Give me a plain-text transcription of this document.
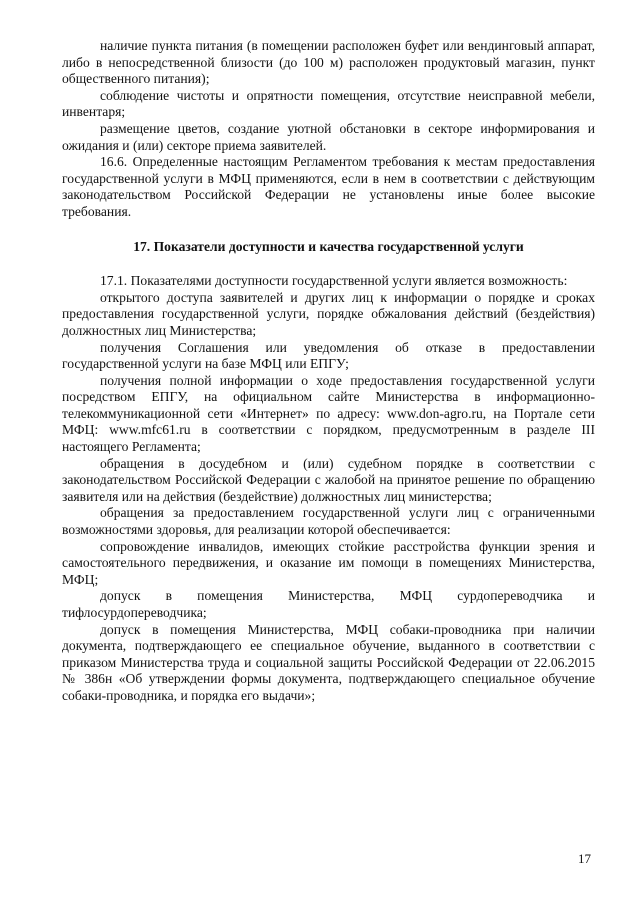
наличие пункта питания (в помещении расположен буфет или вендинговый аппарат, либо в непосредственной близости (до 100 м) расположен продуктовый магазин, пункт общественного питания);

соблюдение чистоты и опрятности помещения, отсутствие неисправной мебели, инвентаря;

размещение цветов, создание уютной обстановки в секторе информирования и ожидания и (или) секторе приема заявителей.

16.6. Определенные настоящим Регламентом требования к местам предоставления государственной услуги в МФЦ применяются, если в нем в соответствии с действующим законодательством Российской Федерации не установлены иные более высокие требования.

17. Показатели доступности и качества государственной услуги

17.1. Показателями доступности государственной услуги является возможность:

открытого доступа заявителей и других лиц к информации о порядке и сроках предоставления государственной услуги, порядке обжалования действий (бездействия) должностных лиц Министерства;

получения Соглашения или уведомления об отказе в предоставлении государственной услуги на базе МФЦ или ЕПГУ;

получения полной информации о ходе предоставления государственной услуги посредством ЕПГУ, на официальном сайте Министерства в информационно-телекоммуникационной сети «Интернет» по адресу: www.don-agro.ru, на Портале сети МФЦ: www.mfc61.ru в соответствии с порядком, предусмотренным в разделе III настоящего Регламента;

обращения в досудебном и (или) судебном порядке в соответствии с законодательством Российской Федерации с жалобой на принятое решение по обращению заявителя или на действия (бездействие) должностных лиц министерства;

обращения за предоставлением государственной услуги лиц с ограниченными возможностями здоровья, для реализации которой обеспечивается:

сопровождение инвалидов, имеющих стойкие расстройства функции зрения и самостоятельного передвижения, и оказание им помощи в помещениях Министерства, МФЦ;

допуск в помещения Министерства, МФЦ сурдопереводчика и тифлосурдопереводчика;

допуск в помещения Министерства, МФЦ собаки-проводника при наличии документа, подтверждающего ее специальное обучение, выданного в соответствии с приказом Министерства труда и социальной защиты Российской Федерации от 22.06.2015 № 386н «Об утверждении формы документа, подтверждающего специальное обучение собаки-проводника, и порядка его выдачи»;

17
